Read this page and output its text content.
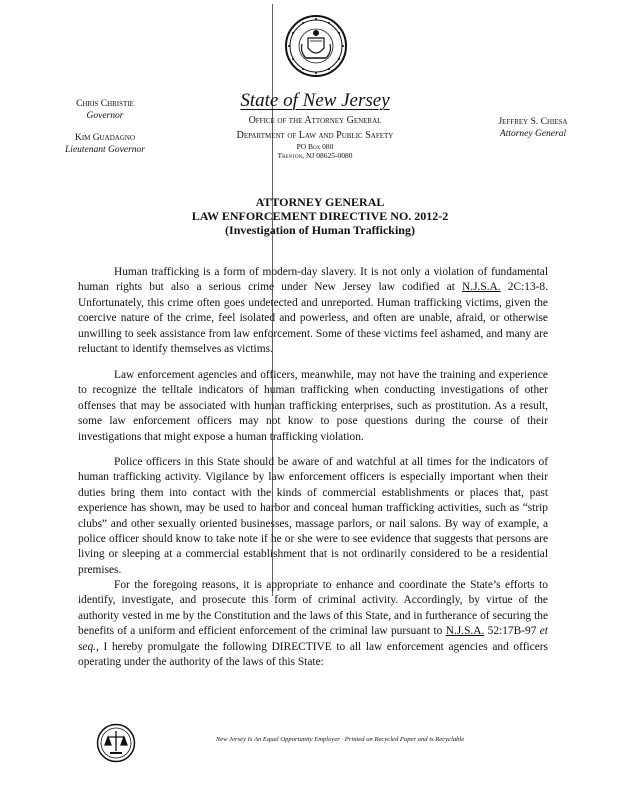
Chris Christie
Governor
Kim Guadagno
Lieutenant Governor
State of New Jersey
Office of the Attorney General
Department of Law and Public Safety
PO Box 080
Trenton, NJ 08625-0080
Jeffrey S. Chiesa
Attorney General
ATTORNEY GENERAL
LAW ENFORCEMENT DIRECTIVE NO. 2012-2
(Investigation of Human Trafficking)

Human trafficking is a form of modern-day slavery. It is not only a violation of fundamental human rights but also a serious crime under New Jersey law codified at N.J.S.A. 2C:13-8. Unfortunately, this crime often goes undetected and unreported. Human trafficking victims, given the coercive nature of the crime, feel isolated and powerless, and often are unable, afraid, or otherwise unwilling to seek assistance from law enforcement. Some of these victims feel ashamed, and many are reluctant to identify themselves as victims.

Law enforcement agencies and officers, meanwhile, may not have the training and experience to recognize the telltale indicators of human trafficking when conducting investigations of other offenses that may be associated with human trafficking enterprises, such as prostitution. As a result, some law enforcement officers may not know to pose questions during the course of their investigations that might expose a human trafficking violation.

Police officers in this State should be aware of and watchful at all times for the indicators of human trafficking activity. Vigilance by law enforcement officers is especially important when their duties bring them into contact with the kinds of commercial establishments or places that, past experience has shown, may be used to harbor and conceal human trafficking activities, such as “strip clubs” and other sexually oriented businesses, massage parlors, or nail salons. By way of example, a police officer should know to take note if he or she were to see evidence that suggests that persons are living or sleeping at a commercial establishment that is not ordinarily considered to be a residential premises.

For the foregoing reasons, it is appropriate to enhance and coordinate the State’s efforts to identify, investigate, and prosecute this form of criminal activity. Accordingly, by virtue of the authority vested in me by the Constitution and the laws of this State, and in furtherance of securing the benefits of a uniform and efficient enforcement of the criminal law pursuant to N.J.S.A. 52:17B-97 et seq., I hereby promulgate the following DIRECTIVE to all law enforcement agencies and officers operating under the authority of the laws of this State:

New Jersey Is An Equal Opportunity Employer · Printed on Recycled Paper and is Recyclable
